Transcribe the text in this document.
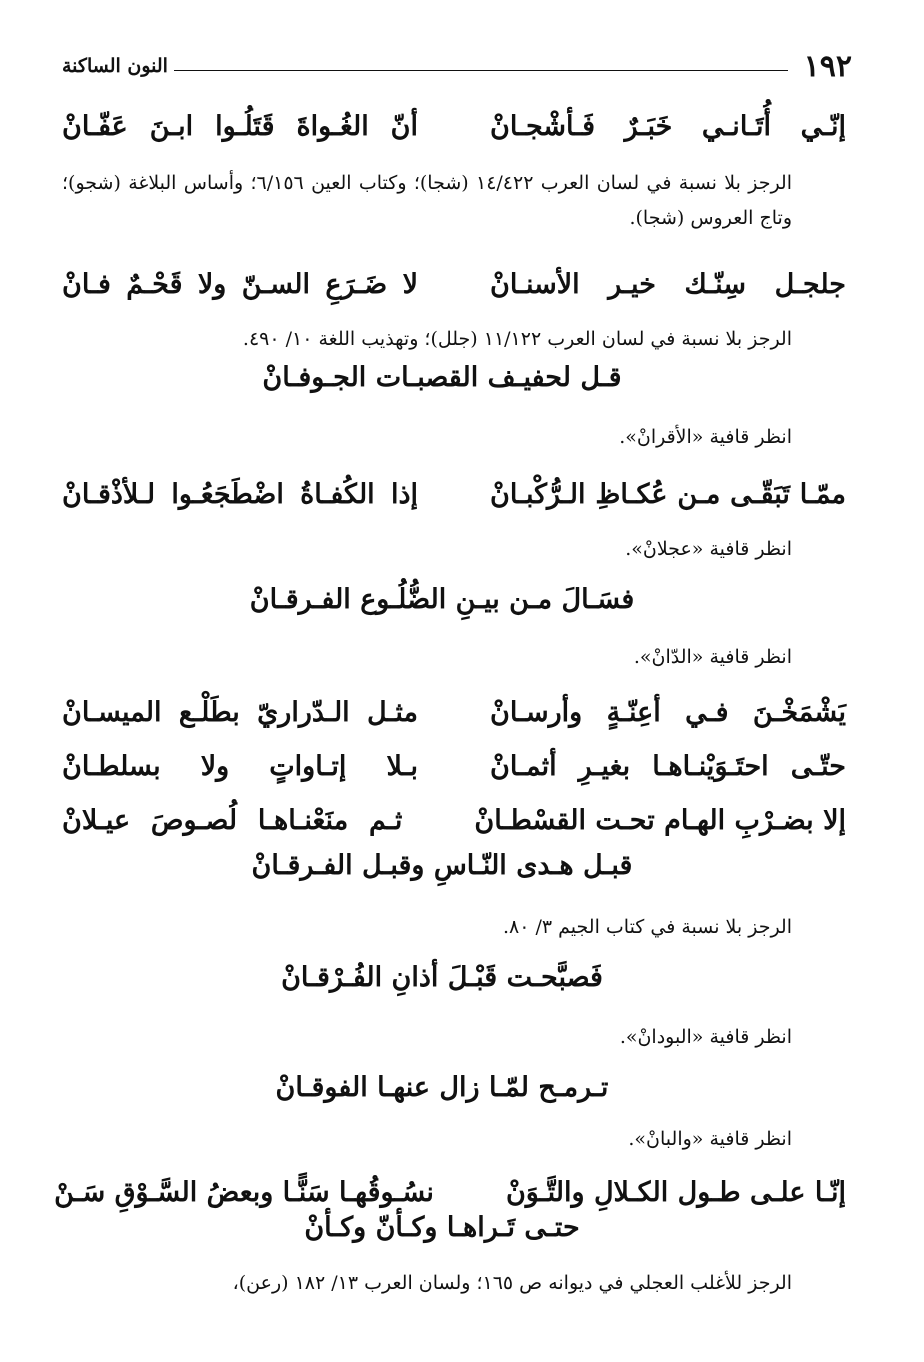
١٩٢
النون الساكنة
إنّـي أُتَـانـي خَبَـرٌ فَـأشْجـانْ
أنّ الغُـواةَ قَتَلُـوا ابـنَ عَفّـانْ
الرجز بلا نسبة في لسان العرب ١٤/٤٢٢ (شجا)؛ وكتاب العين ٦/١٥٦؛ وأساس البلاغة (شجو)؛ وتاج العروس (شجا).
جلجـل سِنّـك خيـر الأسنـانْ
لا ضَـرَعِ السـنّ ولا قَحْـمٌ فـانْ
الرجز بلا نسبة في لسان العرب ١١/١٢٢ (جلل)؛ وتهذيب اللغة ١٠/ ٤٩٠.
قـل لحفيـف القصبـات الجـوفـانْ
انظر قافية «الأقرانْ».
ممّـا تَبَقّـى مـن عُكـاظِ الـرُّكْبـانْ
إذا الكُفـاةُ اضْطَجَعُـوا لـلأذْقـانْ
انظر قافية «عجلانْ».
فسَـالَ مـن بيـنِ الضُّلُـوع الفـرقـانْ
انظر قافية «الدّانْ».
يَشْمَخْـنَ فـي أعِنّـةٍ وأرسـانْ
مثـل الـدّراريّ بطَلْـع الميسـانْ
حتّـى احتَـوَيْنـاهـا بغيـرِ أثمـانْ
بـلا إتـاواتٍ ولا بسلطـانْ
إلا بضـرْبِ الهـام تحـت القسْطـانْ
ثـم منَعْنـاهـا لُصـوصَ عيـلانْ
قبـل هـدى النّـاسِ وقبـل الفـرقـانْ
الرجز بلا نسبة في كتاب الجيم ٣/ ٨٠.
فَصبَّحـت قَبْـلَ أذانِ الفُـرْقـانْ
انظر قافية «البودانْ».
تـرمـح لمّـا زال عنهـا الفوقـانْ
انظر قافية «والبانْ».
إنّـا علـى طـول الكـلالِ والتَّـوَنْ
نسُـوقُهـا سَنًّـا وبعضُ السَّـوْقِ سَـنْ
حتـى تَـراهـا وكـأنّ وكـأنْ
الرجز للأغلب العجلي في ديوانه ص ١٦٥؛ ولسان العرب ١٣/ ١٨٢ (رعن)،
